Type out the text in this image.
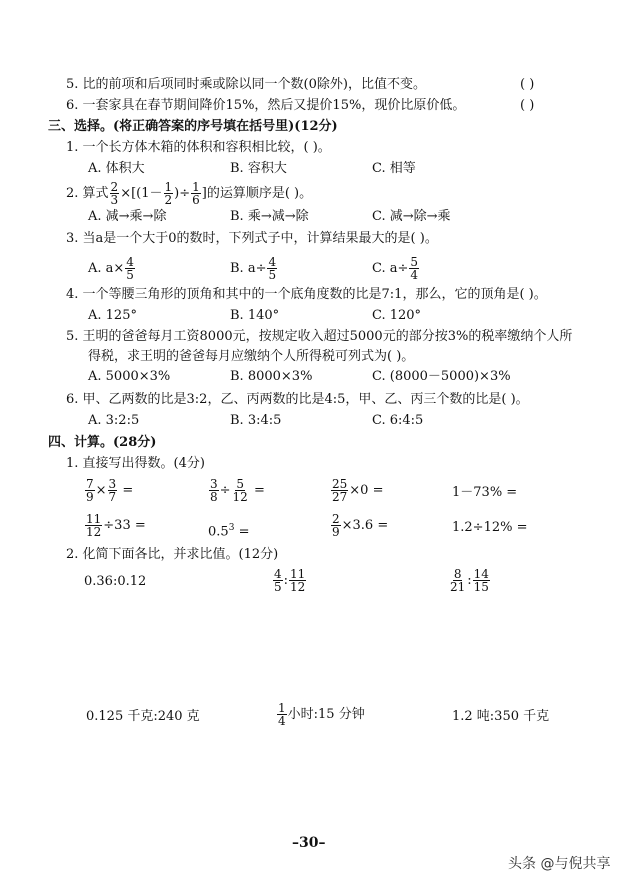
5. 比的前项和后项同时乘或除以同一个数(0除外)，比值不变。	( )
6. 一套家具在春节期间降价15%，然后又提价15%，现价比原价低。	( )
三、选择。(将正确答案的序号填在括号里)(12分)
1. 一个长方体木箱的体积和容积相比较，( )。
A. 体积大	B. 容积大	C. 相等
2. 算式 $\frac{2}{3} \times[(1- \frac{1}{2}$ )÷ $\frac{1}{6}$ ]的运算顺序是( )。
A. 减→乘→除	B. 乘→减→除	C. 减→除→乘
3. 当a是一个大于0的数时，下列式子中，计算结果最大的是( )。
A. $a\times \frac{4}{5}$	B. $a\div \frac{4}{5}$	C. $a\div \frac{5}{4}$
4. 一个等腰三角形的顶角和其中的一个底角度数的比是7:1，那么，它的顶角是( )。
A. 125°	B. 140°	C. 120°
5. 王明的爸爸每月工资8000元，按规定收入超过5000元的部分按3%的税率缴纳个人所
得税，求王明的爸爸每月应缴纳个人所得税可列式为( )。
A. 5000×3%	B. 8000×3%	C. (8000－5000)×3%
6. 甲、乙两数的比是3:2，乙、丙两数的比是4:5，甲、乙、丙三个数的比是( )。
A. 3:2:5	B. 3:4:5	C. 6:4:5
四、计算。(28分)
1. 直接写出得数。(4分)
$\frac{7}{9} \times \frac{3}{7}$ =	$\frac{3}{8} \div \frac{5}{12}$ =	$\frac{25}{27} \times 0$ =	1－73% =
$\frac{11}{12} \div 33$ =	$0.5^3$ =	$\frac{2}{9} \times 3.6$ =	1.2÷12% =
2. 化简下面各比，并求比值。(12分)
0.36:0.12	$\frac{4}{5}$ : $\frac{11}{12}$	$\frac{8}{21}$ : $\frac{14}{15}$
0.125 千克:240 克	$\frac{1}{4}$ 小时:15 分钟	1.2 吨:350 千克
–30–
头条 @与倪共享
